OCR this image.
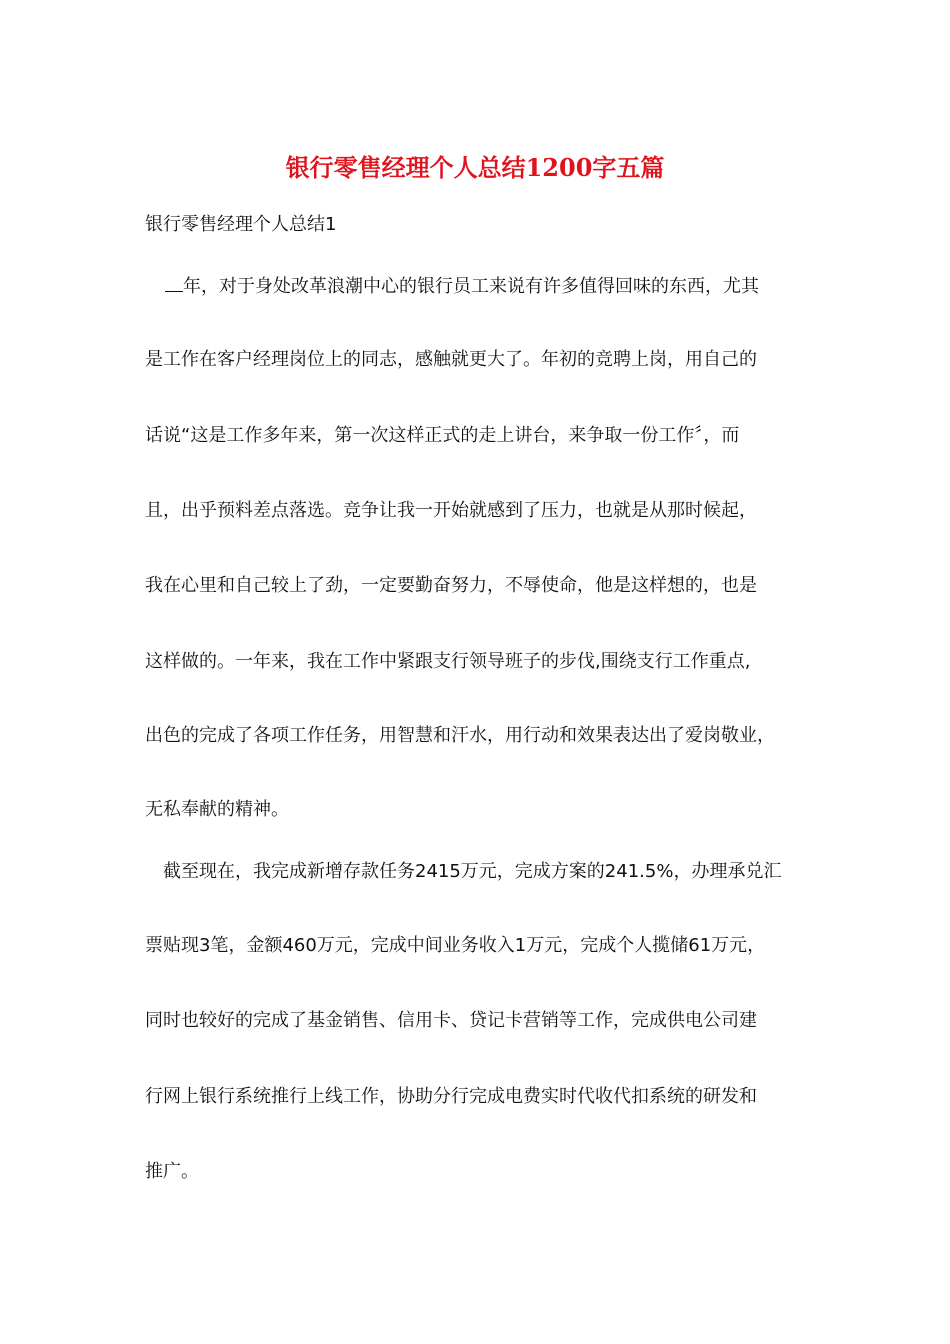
银行零售经理个人总结1200字五篇

银行零售经理个人总结1

年，对于身处改革浪潮中心的银行员工来说有许多值得回味的东西，尤其

是工作在客户经理岗位上的同志，感触就更大了。年初的竞聘上岗，用自己的

话说“这是工作多年来，第一次这样正式的走上讲台，来争取一份工作〞，而

且，出乎预料差点落选。竞争让我一开始就感到了压力，也就是从那时候起，

我在心里和自己较上了劲，一定要勤奋努力，不辱使命，他是这样想的，也是

这样做的。一年来，我在工作中紧跟支行领导班子的步伐,围绕支行工作重点,

出色的完成了各项工作任务，用智慧和汗水，用行动和效果表达出了爱岗敬业，

无私奉献的精神。

截至现在，我完成新增存款任务2415万元，完成方案的241.5%，办理承兑汇

票贴现3笔，金额460万元，完成中间业务收入1万元，完成个人揽储61万元，

同时也较好的完成了基金销售、信用卡、贷记卡营销等工作，完成供电公司建

行网上银行系统推行上线工作，协助分行完成电费实时代收代扣系统的研发和

推广。
